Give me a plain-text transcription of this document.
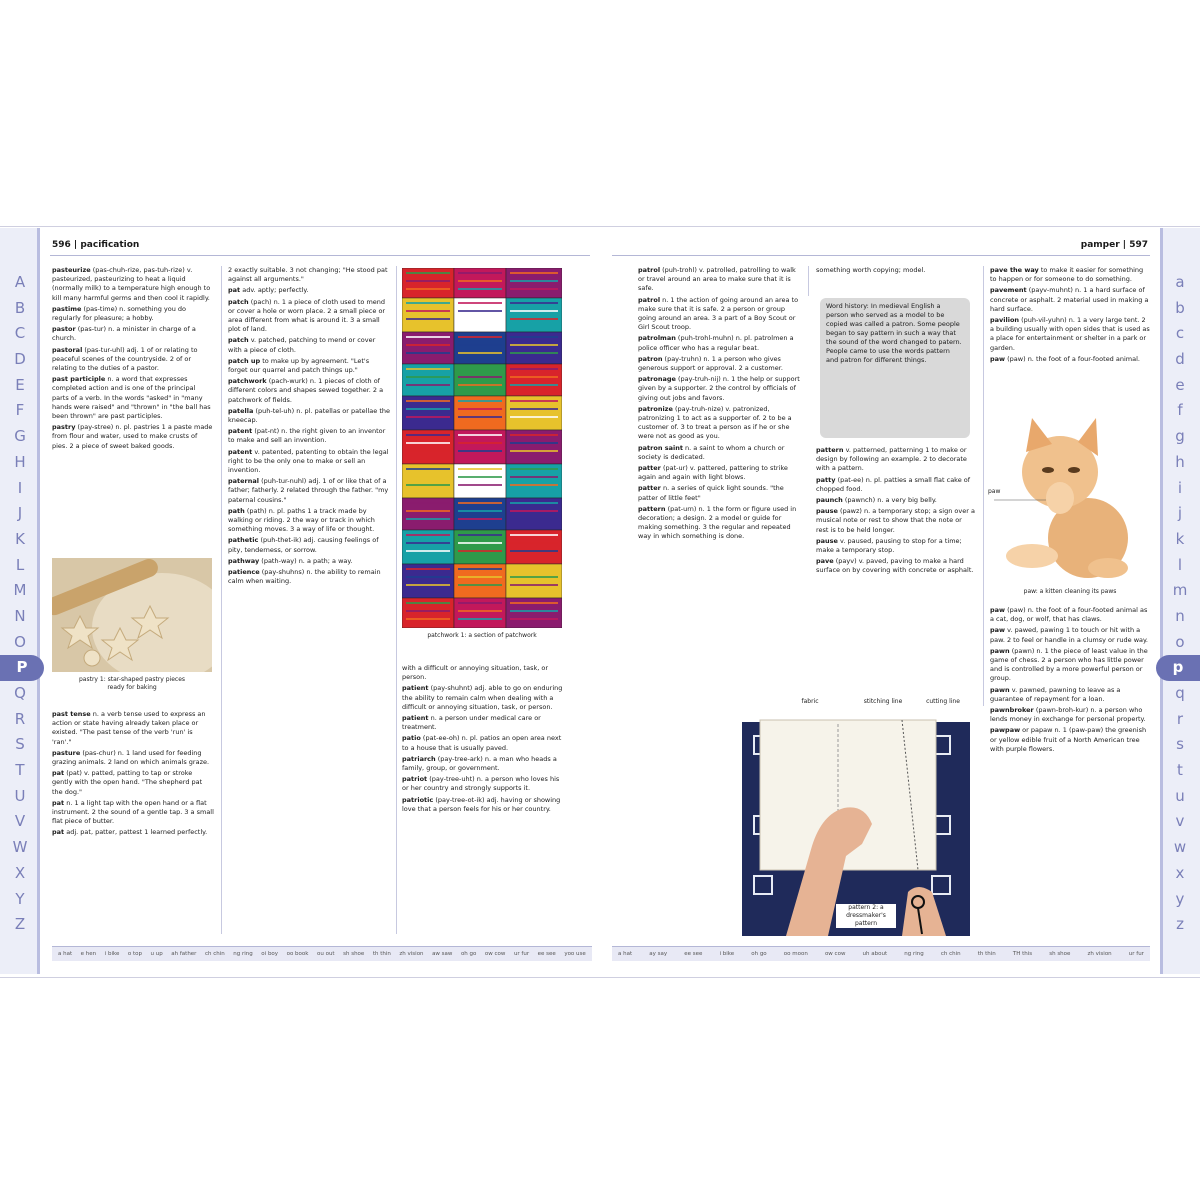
A
B
C
D
E
F
G
H
I
J
K
L
M
N
O
P
Q
R
S
T
U
V
W
X
Y
Z
a
b
c
d
e
f
g
h
i
j
k
l
m
n
o
p
q
r
s
t
u
v
w
x
y
z
596 | pacification	pamper | 597
pasteurize (pas-chuh-rize, pas-tuh-rize) v. pasteurized, pasteurizing to heat a liquid (normally milk) to a temperature high enough to kill many harmful germs and then cool it rapidly.
pastime (pas-time) n. something you do regularly for pleasure; a hobby.
pastor (pas-tur) n. a minister in charge of a church.
pastoral (pas-tur-uhl) adj. 1 of or relating to peaceful scenes of the countryside. 2 of or relating to the duties of a pastor.
past participle n. a word that expresses completed action and is one of the principal parts of a verb. In the words "asked" in "many hands were raised" and "thrown" in "the ball has been thrown" are past participles.
pastry (pay-stree) n. pl. pastries 1 a paste made from flour and water, used to make crusts of pies. 2 a piece of sweet baked goods.
pastry 1: star-shaped pastry pieces ready for baking
past tense n. a verb tense used to express an action or state having already taken place or existed. "The past tense of the verb 'run' is 'ran'."
pasture (pas-chur) n. 1 land used for feeding grazing animals. 2 land on which animals graze.
pat (pat) v. patted, patting to tap or stroke gently with the open hand. "The shepherd pat the dog."
pat n. 1 a light tap with the open hand or a flat instrument. 2 the sound of a gentle tap. 3 a small flat piece of butter.
pat adj. pat, patter, pattest 1 learned perfectly.
2 exactly suitable. 3 not changing; "He stood pat against all arguments."
pat adv. aptly; perfectly.
patch (pach) n. 1 a piece of cloth used to mend or cover a hole or worn place. 2 a small piece or area different from what is around it. 3 a small plot of land.
patch v. patched, patching to mend or cover with a piece of cloth.
patch up to make up by agreement. "Let's forget our quarrel and patch things up."
patchwork (pach-wurk) n. 1 pieces of cloth of different colors and shapes sewed together. 2 a patchwork of fields.
patella (puh-tel-uh) n. pl. patellas or patellae the kneecap.
patent (pat-nt) n. the right given to an inventor to make and sell an invention.
patent v. patented, patenting to obtain the legal right to be the only one to make or sell an invention.
paternal (puh-tur-nuhl) adj. 1 of or like that of a father; fatherly. 2 related through the father. "my paternal cousins."
path (path) n. pl. paths 1 a track made by walking or riding. 2 the way or track in which something moves. 3 a way of life or thought.
pathetic (puh-thet-ik) adj. causing feelings of pity, tenderness, or sorrow.
pathway (path-way) n. a path; a way.
patience (pay-shuhns) n. the ability to remain calm when waiting.
patchwork 1: a section of patchwork
with a difficult or annoying situation, task, or person.
patient (pay-shuhnt) adj. able to go on enduring the ability to remain calm when dealing with a difficult or annoying situation, task, or person.
patient n. a person under medical care or treatment.
patio (pat-ee-oh) n. pl. patios an open area next to a house that is usually paved.
patriarch (pay-tree-ark) n. a man who heads a family, group, or government.
patriot (pay-tree-uht) n. a person who loves his or her country and strongly supports it.
patriotic (pay-tree-ot-ik) adj. having or showing love that a person feels for his or her country.
patrol (puh-trohl) v. patrolled, patrolling to walk or travel around an area to make sure that it is safe.
patrol n. 1 the action of going around an area to make sure that it is safe. 2 a person or group going around an area. 3 a part of a Boy Scout or Girl Scout troop.
patrolman (puh-trohl-muhn) n. pl. patrolmen a police officer who has a regular beat.
patron (pay-truhn) n. 1 a person who gives generous support or approval. 2 a customer.
patronage (pay-truh-nij) n. 1 the help or support given by a supporter. 2 the control by officials of giving out jobs and favors.
patronize (pay-truh-nize) v. patronized, patronizing 1 to act as a supporter of. 2 to be a customer of. 3 to treat a person as if he or she were not as good as you.
patron saint n. a saint to whom a church or society is dedicated.
patter (pat-ur) v. pattered, pattering to strike again and again with light blows.
patter n. a series of quick light sounds. "the patter of little feet"
pattern (pat-urn) n. 1 the form or figure used in decoration; a design. 2 a model or guide for making something. 3 the regular and repeated way in which something is done.
something worth copying; model.
Word history: In medieval English a person who served as a model to be copied was called a patron. Some people began to say pattern in such a way that the sound of the word changed to patern. People came to use the words pattern and patron for different things.
pattern v. patterned, patterning 1 to make or design by following an example. 2 to decorate with a pattern.
patty (pat-ee) n. pl. patties a small flat cake of chopped food.
paunch (pawnch) n. a very big belly.
pause (pawz) n. a temporary stop; a sign over a musical note or rest to show that the note or rest is to be held longer.
pause v. paused, pausing to stop for a time; make a temporary stop.
pave (payv) v. paved, paving to make a hard surface on by covering with concrete or asphalt.
pave the way to make it easier for something to happen or for someone to do something.
pavement (payv-muhnt) n. 1 a hard surface of concrete or asphalt. 2 material used in making a hard surface.
pavilion (puh-vil-yuhn) n. 1 a very large tent. 2 a building usually with open sides that is used as a place for entertainment or shelter in a park or garden.
paw (paw) n. the foot of a four-footed animal.
paw
paw: a kitten cleaning its paws
paw (paw) n. the foot of a four-footed animal as a cat, dog, or wolf, that has claws.
paw v. pawed, pawing 1 to touch or hit with a paw. 2 to feel or handle in a clumsy or rude way.
pawn (pawn) n. 1 the piece of least value in the game of chess. 2 a person who has little power and is controlled by a more powerful person or group.
pawn v. pawned, pawning to leave as a guarantee of repayment for a loan.
pawnbroker (pawn-broh-kur) n. a person who lends money in exchange for personal property.
pawpaw or papaw n. 1 (paw-paw) the greenish or yellow edible fruit of a North American tree with purple flowers.
fabric	stitching line	cutting line
pattern 2: a dressmaker's pattern
a hat e hen i bike o top u up ah father ch chin ng ring oi boy oo book ou out sh shoe th thin zh vision aw saw oh go ow cow ur fur ee see yoo use	a hat	ay say	ee see	i bike	oh go	oo moon	ow cow	uh about	ng ring	ch chin	th thin	TH this	sh shoe	zh vision	ur fur
